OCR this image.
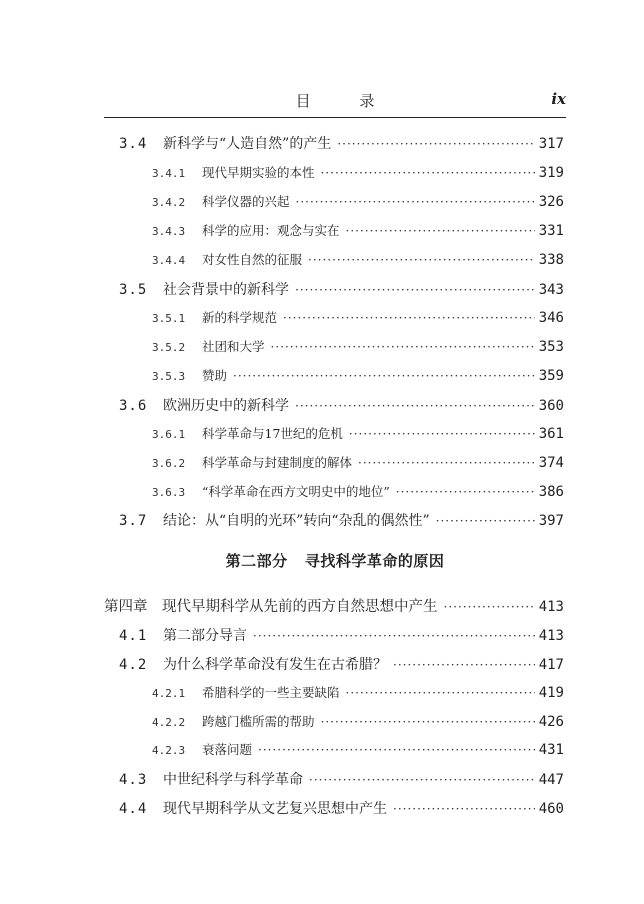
目 录	ix
3.4	新科学与“人造自然”的产生 ·····	317
3.4.1	现代早期实验的本性 ·····	319
3.4.2	科学仪器的兴起 ·····	326
3.4.3	科学的应用：观念与实在 ·····	331
3.4.4	对女性自然的征服 ·····	338
3.5	社会背景中的新科学 ·····	343
3.5.1	新的科学规范 ·····	346
3.5.2	社团和大学 ·····	353
3.5.3	赞助 ·····	359
3.6	欧洲历史中的新科学 ·····	360
3.6.1	科学革命与17世纪的危机 ·····	361
3.6.2	科学革命与封建制度的解体 ·····	374
3.6.3	“科学革命在西方文明史中的地位” ·····	386
3.7	结论：从“自明的光环”转向“杂乱的偶然性” ·····	397
第二部分   寻找科学革命的原因
第四章	现代早期科学从先前的西方自然思想中产生 ·····	413
4.1	第二部分导言 ·····	413
4.2	为什么科学革命没有发生在古希腊？ ·····	417
4.2.1	希腊科学的一些主要缺陷 ·····	419
4.2.2	跨越门槛所需的帮助 ·····	426
4.2.3	衰落问题 ·····	431
4.3	中世纪科学与科学革命 ·····	447
4.4	现代早期科学从文艺复兴思想中产生 ·····	460
